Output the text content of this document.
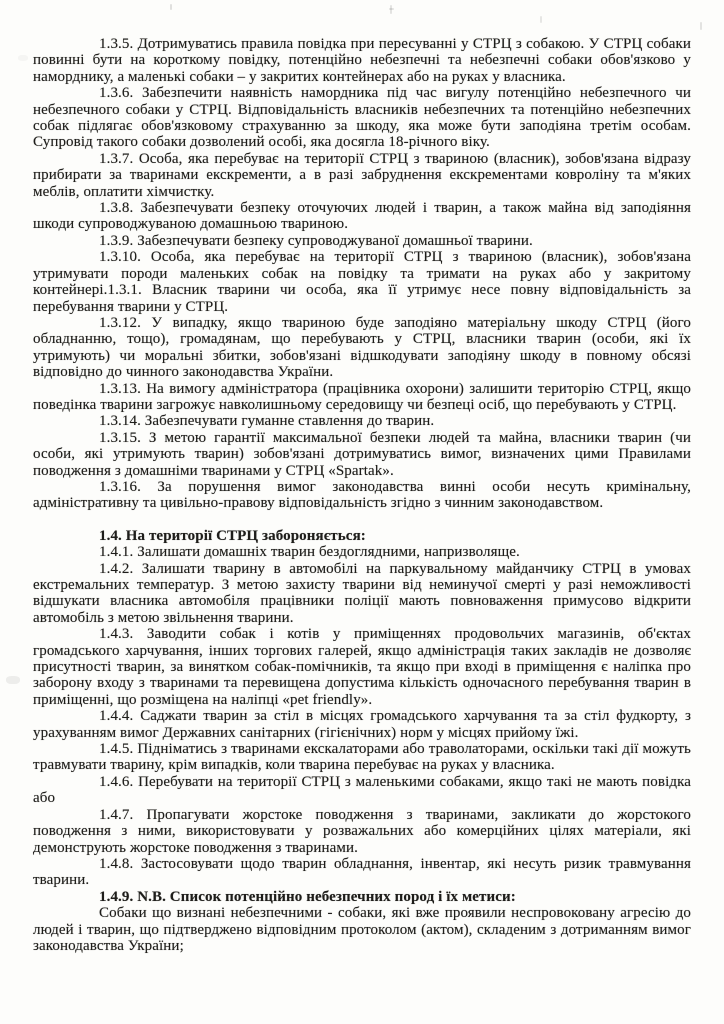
1.3.5. Дотримуватись правила повідка при пересуванні у СТРЦ з собакою. У СТРЦ собаки повинні бути на короткому повідку, потенційно небезпечні та небезпечні собаки обов'язково у наморднику, а маленькі собаки – у закритих контейнерах або на руках у власника.

1.3.6. Забезпечити наявність намордника під час вигулу потенційно небезпечного чи небезпечного собаки у СТРЦ. Відповідальність власників небезпечних та потенційно небезпечних собак підлягає обов'язковому страхуванню за шкоду, яка може бути заподіяна третім особам. Супровід такого собаки дозволений особі, яка досягла 18-річного віку.

1.3.7. Особа, яка перебуває на території СТРЦ з твариною (власник), зобов'язана відразу прибирати за тваринами екскременти, а в разі забруднення екскрементами ковроліну та м'яких меблів, оплатити хімчистку.

1.3.8. Забезпечувати безпеку оточуючих людей і тварин, а також майна від заподіяння шкоди супроводжуваною домашньою твариною.

1.3.9. Забезпечувати безпеку супроводжуваної домашньої тварини.

1.3.10. Особа, яка перебуває на території СТРЦ з твариною (власник), зобов'язана утримувати породи маленьких собак на повідку та тримати на руках або у закритому контейнері.1.3.1. Власник тварини чи особа, яка її утримує несе повну відповідальність за перебування тварини у СТРЦ.

1.3.12. У випадку, якщо твариною буде заподіяно матеріальну шкоду СТРЦ (його обладнанню, тощо), громадянам, що перебувають у СТРЦ, власники тварин (особи, які їх утримують) чи моральні збитки, зобов'язані відшкодувати заподіяну шкоду в повному обсязі відповідно до чинного законодавства України.

1.3.13. На вимогу адміністратора (працівника охорони) залишити територію СТРЦ, якщо поведінка тварини загрожує навколишньому середовищу чи безпеці осіб, що перебувають у СТРЦ.

1.3.14. Забезпечувати гуманне ставлення до тварин.

1.3.15. З метою гарантії максимальної безпеки людей та майна, власники тварин (чи особи, які утримують тварин) зобов'язані дотримуватись вимог, визначених цими Правилами поводження з домашніми тваринами у СТРЦ «Spartak».

1.3.16. За порушення вимог законодавства винні особи несуть кримінальну, адміністративну та цивільно-правову відповідальність згідно з чинним законодавством.

1.4. На території СТРЦ забороняється:

1.4.1. Залишати домашніх тварин бездоглядними, напризволяще.

1.4.2. Залишати тварину в автомобілі на паркувальному майданчику СТРЦ в умовах екстремальних температур. З метою захисту тварини від неминучої смерті у разі неможливості відшукати власника автомобіля працівники поліції мають повноваження примусово відкрити автомобіль з метою звільнення тварини.

1.4.3. Заводити собак і котів у приміщеннях продовольчих магазинів, об'єктах громадського харчування, інших торгових галерей, якщо адміністрація таких закладів не дозволяє присутності тварин, за винятком собак-помічників, та якщо при вході в приміщення є наліпка про заборону входу з тваринами та перевищена допустима кількість одночасного перебування тварин в приміщенні, що розміщена на наліпці «pet friendly».

1.4.4. Саджати тварин за стіл в місцях громадського харчування та за стіл фудкорту, з урахуванням вимог Державних санітарних (гігієнічних) норм у місцях прийому їжі.

1.4.5. Підніматись з тваринами екскалаторами або траволаторами, оскільки такі дії можуть травмувати тварину, крім випадків, коли тварина перебуває на руках у власника.

1.4.6. Перебувати на території СТРЦ з маленькими собаками, якщо такі не мають повідка або

1.4.7. Пропагувати жорстоке поводження з тваринами, закликати до жорстокого поводження з ними, використовувати у розважальних або комерційних цілях матеріали, які демонструють жорстоке поводження з тваринами.

1.4.8. Застосовувати щодо тварин обладнання, інвентар, які несуть ризик травмування тварини.

1.4.9. N.B. Список потенційно небезпечних пород і їх метиси:

Собаки що визнані небезпечними - собаки, які вже проявили неспровоковану агресію до людей і тварин, що підтверджено відповідним протоколом (актом), складеним з дотриманням вимог законодавства України;
